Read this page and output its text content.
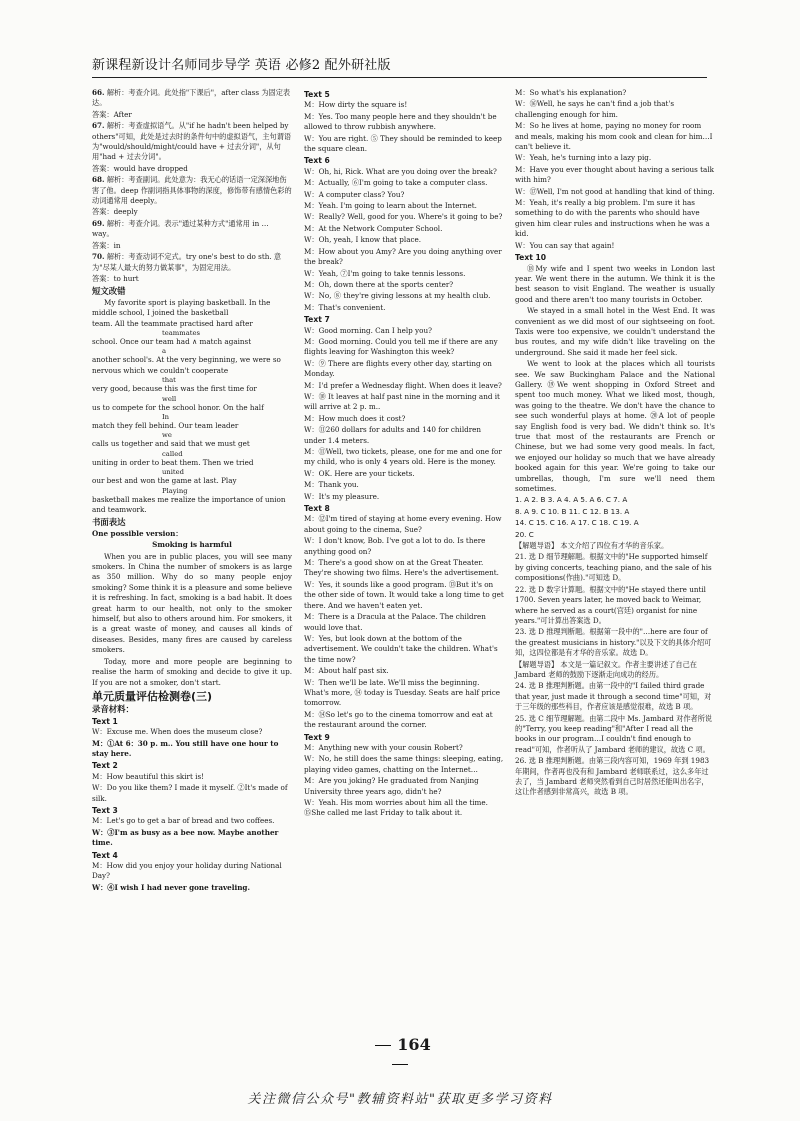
新课程新设计名师同步导学 英语 必修2 配外研社版

66. 解析：考查介词。此处指"下课后"，after class 为固定表达。

答案：After

67. 解析：考查虚拟语气。从"if he hadn't been helped by others"可知，此处是过去时的条件句中的虚拟语气，主句谓语为"would/should/might/could have + 过去分词"，从句用"had + 过去分词"。

答案：would have dropped

68. 解析：考查副词。此处意为：我无心的话语一定深深地伤害了他。deep 作副词指具体事物的深度，修饰带有感情色彩的动词通常用 deeply。

答案：deeply

69. 解析：考查介词。表示"通过某种方式"通常用 in … way。

答案：in

70. 解析：考查动词不定式。try one's best to do sth. 意为"尽某人最大的努力做某事"，为固定用法。

答案：to hurt

短文改错
My favorite sport is playing basketball. In the middle school, I joined the basketball
team. All the teammate practised hard after
teammates
school. Once our team had ∧ match against
a
another school's. At the very beginning, we were so nervous which we couldn't cooperate
that
very good, because this was the first time for
well
us to compete for the school honor. On the half
In
match they fell behind. Our team leader
we
calls us together and said that we must get
called
uniting in order to beat them. Then we tried
united
our best and won the game at last. Play
Playing
basketball makes me realize the importance of union and teamwork.
书面表达

One possible version：

Smoking is harmful

When you are in public places, you will see many smokers. In China the number of smokers is as large as 350 million. Why do so many people enjoy smoking? Some think it is a pleasure and some believe it is refreshing. In fact, smoking is a bad habit. It does great harm to our health, not only to the smoker himself, but also to others around him. For smokers, it is a great waste of money, and causes all kinds of diseases. Besides, many fires are caused by careless smokers.

Today, more and more people are beginning to realise the harm of smoking and decide to give it up. If you are not a smoker, don't start.

单元质量评估检测卷(三)
录音材料：
Text 1

W：Excuse me. When does the museum close?

M：①At 6：30 p. m.. You still have one hour to stay here.

Text 2

M：How beautiful this skirt is!

W：Do you like them? I made it myself. ②It's made of silk.

Text 3

M：Let's go to get a bar of bread and two coffees.

W：③I'm as busy as a bee now. Maybe another time.

Text 4

M：How did you enjoy your holiday during National Day?

W：④I wish I had never gone traveling.

Text 5

M：How dirty the square is!

M：Yes. Too many people here and they shouldn't be allowed to throw rubbish anywhere.

W：You are right. ⑤ They should be reminded to keep the square clean.

Text 6

W：Oh, hi, Rick. What are you doing over the break?

M：Actually, ⑥I'm going to take a computer class.

W：A computer class? You?

M：Yeah. I'm going to learn about the Internet.

W：Really? Well, good for you. Where's it going to be?

M：At the Network Computer School.

W：Oh, yeah, I know that place.

M：How about you Amy? Are you doing anything over the break?

W：Yeah, ⑦I'm going to take tennis lessons.

M：Oh, down there at the sports center?

W：No, ⑧ they're giving lessons at my health club.

M：That's convenient.

Text 7

W：Good morning. Can I help you?

M：Good morning. Could you tell me if there are any flights leaving for Washington this week?

W：⑨ There are flights every other day, starting on Monday.

M：I'd prefer a Wednesday flight. When does it leave?

W：⑩ It leaves at half past nine in the morning and it will arrive at 2 p. m..

M：How much does it cost?

W：⑪260 dollars for adults and 140 for children under 1.4 meters.

M：⑪Well, two tickets, please, one for me and one for my child, who is only 4 years old. Here is the money.

W：OK. Here are your tickets.

M：Thank you.

W：It's my pleasure.

Text 8

M：⑫I'm tired of staying at home every evening. How about going to the cinema, Sue?

W：I don't know, Bob. I've got a lot to do. Is there anything good on?

M：There's a good show on at the Great Theater. They're showing two films. Here's the advertisement.

W：Yes, it sounds like a good program. ⑬But it's on the other side of town. It would take a long time to get there. And we haven't eaten yet.

M：There is a Dracula at the Palace. The children would love that.

W：Yes, but look down at the bottom of the advertisement. We couldn't take the children. What's the time now?

M：About half past six.

W：Then we'll be late. We'll miss the beginning. What's more, ⑭ today is Tuesday. Seats are half price tomorrow.

M：⑭So let's go to the cinema tomorrow and eat at the restaurant around the corner.

Text 9

M：Anything new with your cousin Robert?

W：No, he still does the same things: sleeping, eating, playing video games, chatting on the Internet…

M：Are you joking? He graduated from Nanjing University three years ago, didn't he?

W：Yeah. His mom worries about him all the time. ⑮She called me last Friday to talk about it.

M：So what's his explanation?

W：⑯Well, he says he can't find a job that's challenging enough for him.

M：So he lives at home, paying no money for room and meals, making his mom cook and clean for him…I can't believe it.

W：Yeah, he's turning into a lazy pig.

M：Have you ever thought about having a serious talk with him?

W：⑰Well, I'm not good at handling that kind of thing.

M：Yeah, it's really a big problem. I'm sure it has something to do with the parents who should have given him clear rules and instructions when he was a kid.

W：You can say that again!

Text 10

⑱My wife and I spent two weeks in London last year. We went there in the autumn. We think it is the best season to visit England. The weather is usually good and there aren't too many tourists in October.

We stayed in a small hotel in the West End. It was convenient as we did most of our sightseeing on foot. Taxis were too expensive, we couldn't understand the bus routes, and my wife didn't like traveling on the underground. She said it made her feel sick.

We went to look at the places which all tourists see. We saw Buckingham Palace and the National Gallery. ⑲We went shopping in Oxford Street and spent too much money. What we liked most, though, was going to the theatre. We don't have the chance to see such wonderful plays at home. ⑳A lot of people say English food is very bad. We didn't think so. It's true that most of the restaurants are French or Chinese, but we had some very good meals. In fact, we enjoyed our holiday so much that we have already booked again for this year. We're going to take our umbrellas, though, I'm sure we'll need them sometimes.

1. A 2. B 3. A 4. A 5. A 6. C 7. A

8. A 9. C 10. B 11. C 12. B 13. A

14. C 15. C 16. A 17. C 18. C 19. A

20. C

【解题导语】 本文介绍了四位有才华的音乐家。

21. 选 D 细节理解题。根据文中的"He supported himself by giving concerts, teaching piano, and the sale of his compositions(作曲)."可知选 D。

22. 选 D 数字计算题。根据文中的"He stayed there until 1700. Seven years later, he moved back to Weimar, where he served as a court(宫廷) organist for nine years."可计算出答案选 D。

23. 选 D 推理判断题。根据第一段中的"…here are four of the greatest musicians in history."以及下文的具体介绍可知，这四位都是有才华的音乐家。故选 D。

【解题导语】 本文是一篇记叙文。作者主要讲述了自己在 Jambard 老师的鼓励下逐渐走向成功的经历。

24. 选 B 推理判断题。由第一段中的"I failed third grade that year, just made it through a second time"可知，对于三年级的那些科目，作者应该是感觉很难，故选 B 项。

25. 选 C 细节理解题。由第二段中 Ms. Jambard 对作者所说的"Terry, you keep reading"和"After I read all the books in our program…I couldn't find enough to read"可知，作者听从了 Jambard 老师的建议，故选 C 项。

26. 选 B 推理判断题。由第三段内容可知，1969 年到 1983 年期间，作者再也没有和 Jambard 老师联系过，这么多年过去了，当 Jambard 老师突然看到自己时居然还能叫出名字，这让作者感到非常高兴，故选 B 项。

164
关注微信公众号"教辅资料站"获取更多学习资料
